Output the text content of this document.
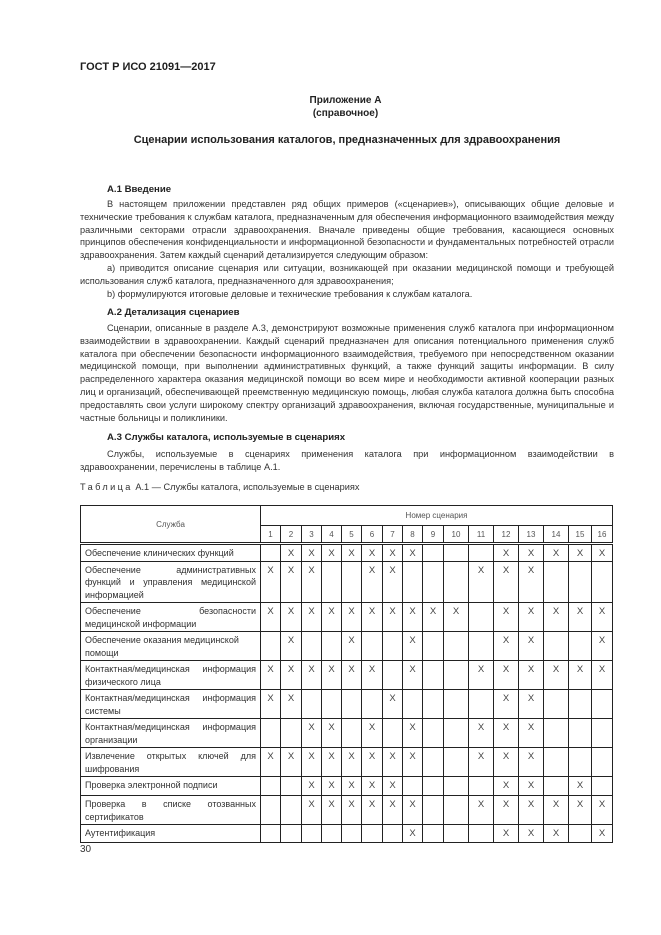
ГОСТ Р ИСО 21091—2017
Приложение А
(справочное)
Сценарии использования каталогов, предназначенных для здравоохранения
А.1 Введение

В настоящем приложении представлен ряд общих примеров («сценариев»), описывающих общие деловые и технические требования к службам каталога, предназначенным для обеспечения информационного взаимодействия между различными секторами отрасли здравоохранения. Вначале приведены общие требования, касающиеся основных принципов обеспечения конфиденциальности и информационной безопасности и фундаментальных потребностей отрасли здравоохранения. Затем каждый сценарий детализируется следующим образом:

a) приводится описание сценария или ситуации, возникающей при оказании медицинской помощи и требующей использования служб каталога, предназначенного для здравоохранения;

b) формулируются итоговые деловые и технические требования к службам каталога.

А.2 Детализация сценариев

Сценарии, описанные в разделе А.3, демонстрируют возможные применения служб каталога при информационном взаимодействии в здравоохранении. Каждый сценарий предназначен для описания потенциального применения служб каталога при обеспечении безопасности информационного взаимодействия, требуемого при непосредственном оказании медицинской помощи, при выполнении административных функций, а также функций защиты информации. В силу распределенного характера оказания медицинской помощи во всем мире и необходимости активной кооперации разных лиц и организаций, обеспечивающей преемственную медицинскую помощь, любая служба каталога должна быть способна предоставлять свои услуги широкому спектру организаций здравоохранения, включая государственные, муниципальные и частные больницы и поликлиники.

А.3 Службы каталога, используемые в сценариях

Службы, используемые в сценариях применения каталога при информационном взаимодействии в здравоохранении, перечислены в таблице А.1.

Таблица А.1 — Службы каталога, используемые в сценариях
Служба	Номер сценария															
	1	2	3	4	5	6	7	8	9	10	11	12	13	14	15	16
Обеспечение клинических функций		X	X	X	X	X	X	X				X	X	X	X	X
Обеспечение административных функций и управления медицинской информацией	X	X	X			X	X				X	X	X			
Обеспечение безопасности медицинской информации	X	X	X	X	X	X	X	X	X	X		X	X	X	X	X
Обеспечение оказания медицинской помощи		X			X			X				X	X			X
Контактная/медицинская информация физического лица	X	X	X	X	X	X		X			X	X	X	X	X	X
Контактная/медицинская информация системы	X	X					X					X	X			
Контактная/медицинская информация организации			X	X		X		X			X	X	X			
Извлечение открытых ключей для шифрования	X	X	X	X	X	X	X	X			X	X	X			
Проверка электронной подписи			X	X	X	X	X					X	X		X	
Проверка в списке отозванных сертификатов			X	X	X	X	X	X			X	X	X	X	X	X
Аутентификация								X				X	X	X		X
30
